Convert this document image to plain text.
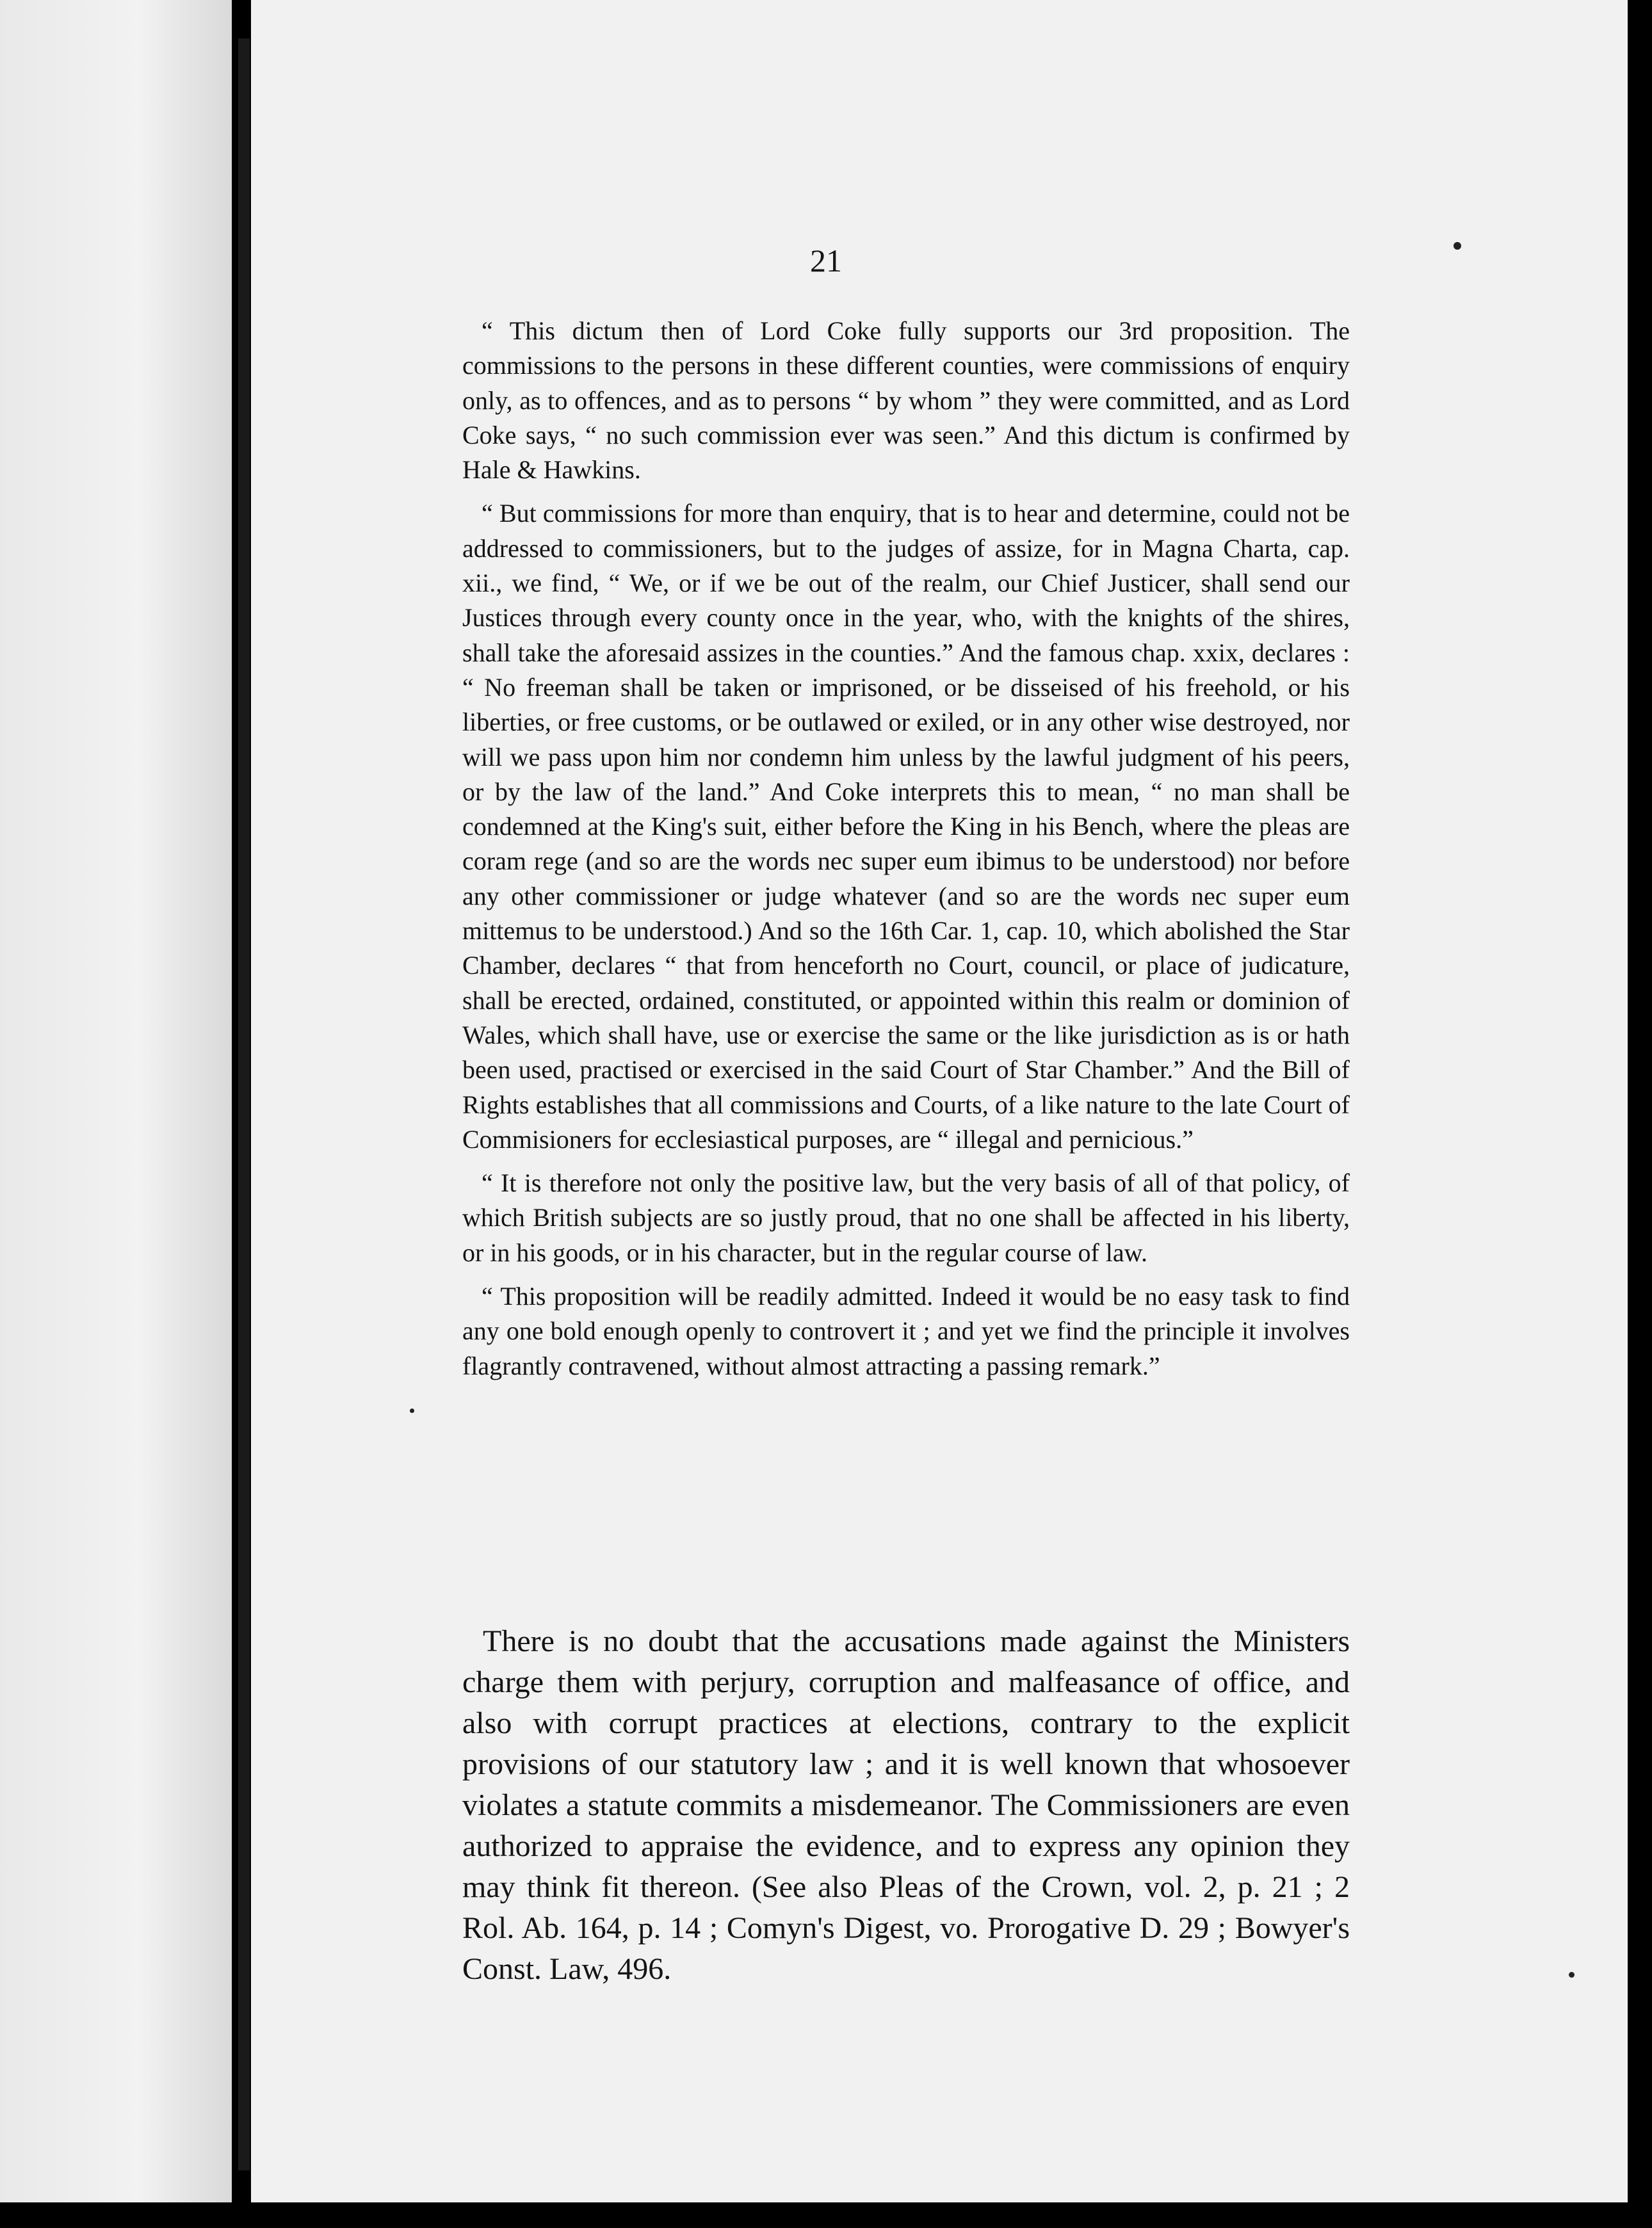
21

“ This dictum then of Lord Coke fully supports our 3rd proposition. The commissions to the persons in these different counties, were commissions of enquiry only, as to offences, and as to persons “ by whom ” they were committed, and as Lord Coke says, “ no such commission ever was seen.” And this dictum is confirmed by Hale & Hawkins.

“ But commissions for more than enquiry, that is to hear and determine, could not be addressed to commissioners, but to the judges of assize, for in Magna Charta, cap. xii., we find, “ We, or if we be out of the realm, our Chief Justicer, shall send our Justices through every county once in the year, who, with the knights of the shires, shall take the aforesaid assizes in the counties.” And the famous chap. xxix, declares : “ No freeman shall be taken or imprisoned, or be disseised of his freehold, or his liberties, or free customs, or be outlawed or exiled, or in any other wise destroyed, nor will we pass upon him nor condemn him unless by the lawful judgment of his peers, or by the law of the land.” And Coke interprets this to mean, “ no man shall be condemned at the King's suit, either before the King in his Bench, where the pleas are coram rege (and so are the words nec super eum ibimus to be understood) nor before any other commissioner or judge whatever (and so are the words nec super eum mittemus to be understood.) And so the 16th Car. 1, cap. 10, which abolished the Star Chamber, declares “ that from henceforth no Court, council, or place of judicature, shall be erected, ordained, constituted, or appointed within this realm or dominion of Wales, which shall have, use or exercise the same or the like jurisdiction as is or hath been used, practised or exercised in the said Court of Star Chamber.” And the Bill of Rights establishes that all commissions and Courts, of a like nature to the late Court of Commisioners for ecclesiastical purposes, are “ illegal and pernicious.”

“ It is therefore not only the positive law, but the very basis of all of that policy, of which British subjects are so justly proud, that no one shall be affected in his liberty, or in his goods, or in his character, but in the regular course of law.

“ This proposition will be readily admitted. Indeed it would be no easy task to find any one bold enough openly to controvert it ; and yet we find the principle it involves flagrantly contravened, without almost attracting a passing remark.”

There is no doubt that the accusations made against the Ministers charge them with perjury, corruption and malfeasance of office, and also with corrupt practices at elections, contrary to the explicit provisions of our statutory law ; and it is well known that whosoever violates a statute commits a misdemeanor. The Commissioners are even authorized to appraise the evidence, and to express any opinion they may think fit thereon. (See also Pleas of the Crown, vol. 2, p. 21 ; 2 Rol. Ab. 164, p. 14 ; Comyn's Digest, vo. Prorogative D. 29 ; Bowyer's Const. Law, 496.
